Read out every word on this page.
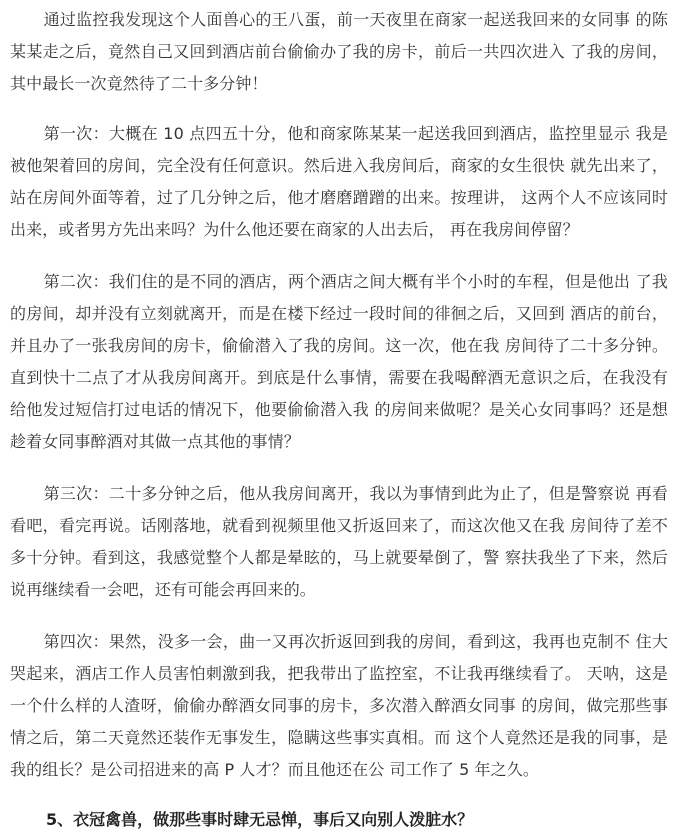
通过监控我发现这个人面兽心的王八蛋，前一天夜里在商家一起送我回来的女同事 的陈某某走之后，竟然自己又回到酒店前台偷偷办了我的房卡，前后一共四次进入 了我的房间，其中最长一次竟然待了二十多分钟！

第一次：大概在 10 点四五十分，他和商家陈某某一起送我回到酒店，监控里显示 我是被他架着回的房间，完全没有任何意识。然后进入我房间后，商家的女生很快 就先出来了，站在房间外面等着，过了几分钟之后，他才磨磨蹭蹭的出来。按理讲， 这两个人不应该同时出来，或者男方先出来吗？为什么他还要在商家的人出去后， 再在我房间停留？

第二次：我们住的是不同的酒店，两个酒店之间大概有半个小时的车程，但是他出 了我的房间，却并没有立刻就离开，而是在楼下经过一段时间的徘徊之后，又回到 酒店的前台，并且办了一张我房间的房卡，偷偷潜入了我的房间。这一次，他在我 房间待了二十多分钟。直到快十二点了才从我房间离开。到底是什么事情，需要在我喝醉酒无意识之后，在我没有给他发过短信打过电话的情况下，他要偷偷潜入我 的房间来做呢？是关心女同事吗？还是想趁着女同事醉酒对其做一点其他的事情？

第三次：二十多分钟之后，他从我房间离开，我以为事情到此为止了，但是警察说 再看看吧，看完再说。话刚落地，就看到视频里他又折返回来了，而这次他又在我 房间待了差不多十分钟。看到这，我感觉整个人都是晕眩的，马上就要晕倒了，警 察扶我坐了下来，然后说再继续看一会吧，还有可能会再回来的。

第四次：果然，没多一会，曲一又再次折返回到我的房间，看到这，我再也克制不 住大哭起来，酒店工作人员害怕刺激到我，把我带出了监控室，不让我再继续看了。 天呐，这是一个什么样的人渣呀，偷偷办醉酒女同事的房卡，多次潜入醉酒女同事 的房间，做完那些事情之后，第二天竟然还装作无事发生，隐瞒这些事实真相。而 这个人竟然还是我的同事，是我的组长？是公司招进来的高 P 人才？而且他还在公 司工作了 5 年之久。

5、衣冠禽兽，做那些事时肆无忌惮，事后又向别人泼脏水？
